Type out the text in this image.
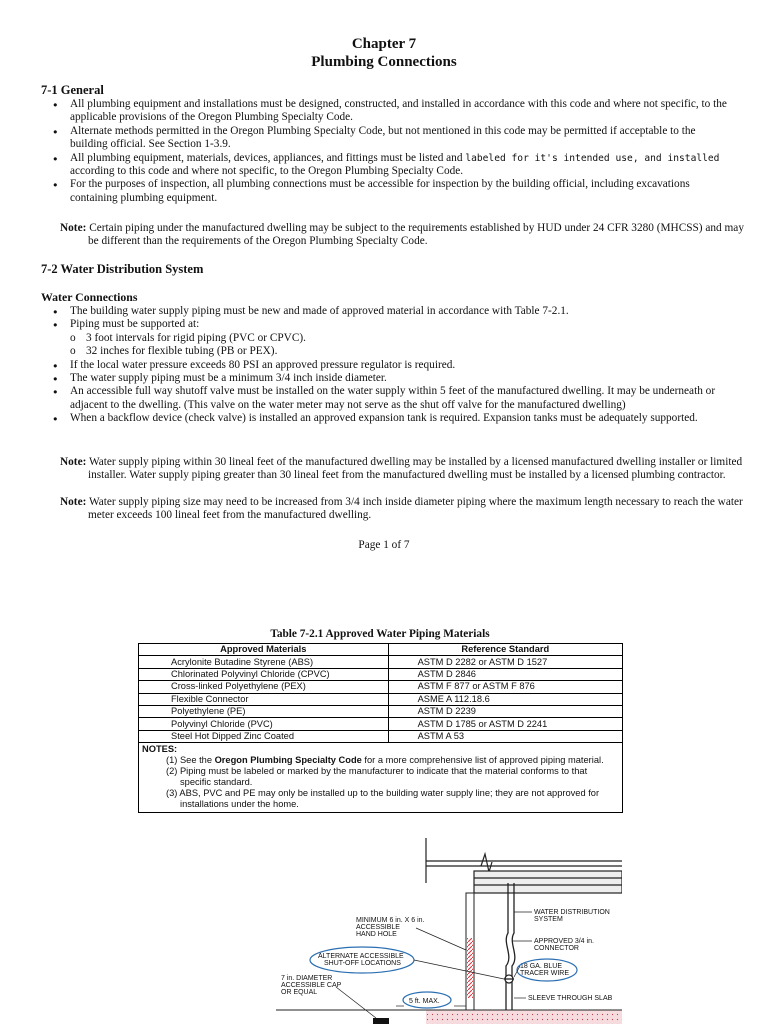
Chapter 7
Plumbing Connections
7-1 General
● All plumbing equipment and installations must be designed, constructed, and installed in accordance with this code and where not specific, to the applicable provisions of the Oregon Plumbing Specialty Code.
● Alternate methods permitted in the Oregon Plumbing Specialty Code, but not mentioned in this code may be permitted if acceptable to the building official. See Section 1-3.9.
● All plumbing equipment, materials, devices, appliances, and fittings must be listed and labeled for it's intended use, and installed according to this code and where not specific, to the Oregon Plumbing Specialty Code.
● For the purposes of inspection, all plumbing connections must be accessible for inspection by the building official, including excavations containing plumbing equipment.
Note: Certain piping under the manufactured dwelling may be subject to the requirements established by HUD under 24 CFR 3280 (MHCSS) and may be different than the requirements of the Oregon Plumbing Specialty Code.
7-2 Water Distribution System
Water Connections
● The building water supply piping must be new and made of approved material in accordance with Table 7-2.1.
● Piping must be supported at:
o 3 foot intervals for rigid piping (PVC or CPVC).
o 32 inches for flexible tubing (PB or PEX).
● If the local water pressure exceeds 80 PSI an approved pressure regulator is required.
● The water supply piping must be a minimum 3/4 inch inside diameter.
● An accessible full way shutoff valve must be installed on the water supply within 5 feet of the manufactured dwelling. It may be underneath or adjacent to the dwelling. (This valve on the water meter may not serve as the shut off valve for the manufactured dwelling)
● When a backflow device (check valve) is installed an approved expansion tank is required. Expansion tanks must be adequately supported.
Note: Water supply piping within 30 lineal feet of the manufactured dwelling may be installed by a licensed manufactured dwelling installer or limited installer. Water supply piping greater than 30 lineal feet from the manufactured dwelling must be installed by a licensed plumbing contractor.
Note: Water supply piping size may need to be increased from 3/4 inch inside diameter piping where the maximum length necessary to reach the water meter exceeds 100 lineal feet from the manufactured dwelling.
Page 1 of 7
Table 7-2.1 Approved Water Piping Materials
Approved Materials	Reference Standard
Acrylonite Butadine Styrene (ABS)	ASTM D 2282 or ASTM D 1527
Chlorinated Polyvinyl Chloride (CPVC)	ASTM D 2846
Cross-linked Polyethylene (PEX)	ASTM F 877 or ASTM F 876
Flexible Connector	ASME A 112.18.6
Polyethylene (PE)	ASTM D 2239
Polyvinyl Chloride (PVC)	ASTM D 1785 or ASTM D 2241
Steel Hot Dipped Zinc Coated	ASTM A 53

NOTES:

(1) See the Oregon Plumbing Specialty Code for a more comprehensive list of approved piping material.

(2) Piping must be labeled or marked by the manufacturer to indicate that the material conforms to that specific standard.

(3) ABS, PVC and PE may only be installed up to the building water supply line; they are not approved for installations under the home.	

WATER DISTRIBUTION
SYSTEM
APPROVED 3/4 in.
CONNECTOR
18 GA. BLUE
TRACER WIRE
SLEEVE THROUGH SLAB
MINIMUM 6 in. X 6 in.
ACCESSIBLE
HAND HOLE
ALTERNATE ACCESSIBLE
SHUT-OFF LOCATIONS
7 in. DIAMETER
ACCESSIBLE CAP
OR EQUAL
5 ft. MAX.
